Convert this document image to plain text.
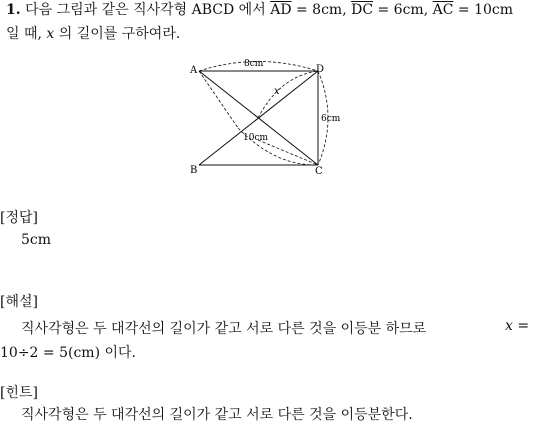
1. 다음 그림과 같은 직사각형 ABCD 에서 $\overline{AD} = 8cm$, $\overline{DC} = 6cm$, $\overline{AC} = 10cm$
일 때, x 의 길이를 구하여라.
A
B	C
D
8cm
6cm
10cm
x
[정답]
5cm
[해설]
직사각형은 두 대각선의 길이가 같고 서로 다른 것을 이등분 하므로	x =
10÷2 = 5(cm) 이다.
[힌트]
직사각형은 두 대각선의 길이가 같고 서로 다른 것을 이등분한다.
